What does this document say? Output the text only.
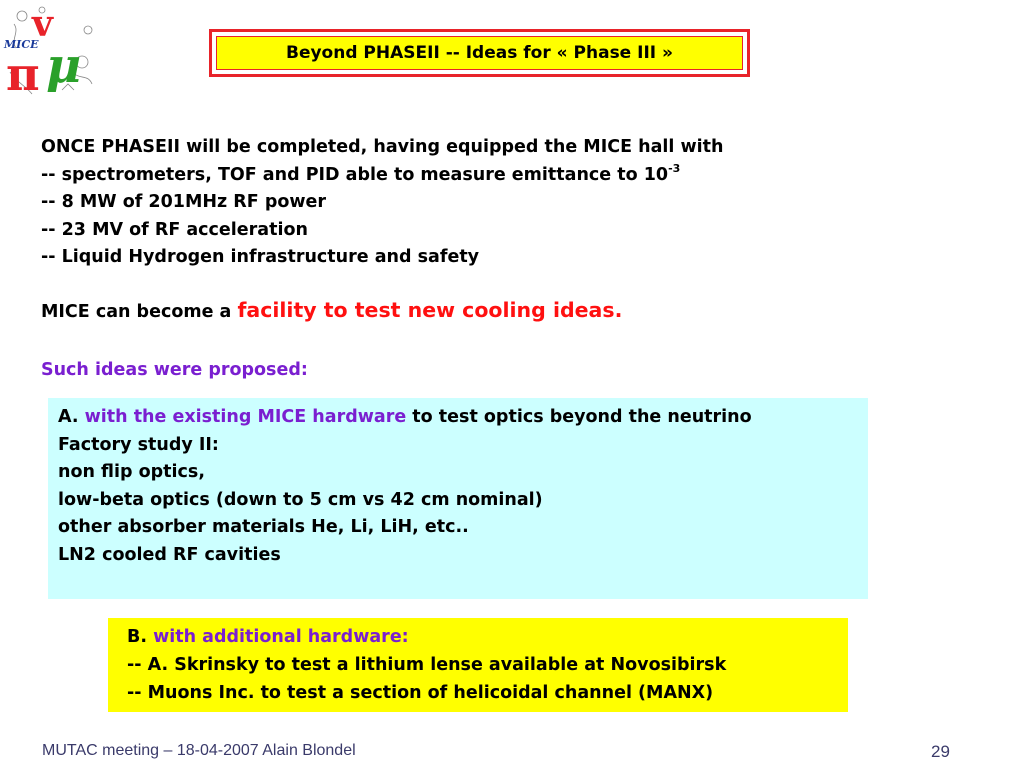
v
MICE
π μ	Beyond PHASEII -- Ideas for « Phase III »
ONCE PHASEII will be completed, having equipped the MICE hall with
-- spectrometers, TOF and PID able to measure emittance to $10^{-3}$
-- 8 MW of 201MHz RF power
-- 23 MV of RF acceleration
-- Liquid Hydrogen infrastructure and safety
MICE can become a facility to test new cooling ideas.
Such ideas were proposed:
A. with the existing MICE hardware to test optics beyond the neutrino
Factory study II:
non flip optics,
low-beta optics (down to 5 cm vs 42 cm nominal)
other absorber materials He, Li, LiH, etc..
LN2 cooled RF cavities
B. with additional hardware:
-- A. Skrinsky to test a lithium lense available at Novosibirsk
-- Muons Inc. to test a section of helicoidal channel (MANX)
MUTAC meeting – 18-04-2007 Alain Blondel	29
